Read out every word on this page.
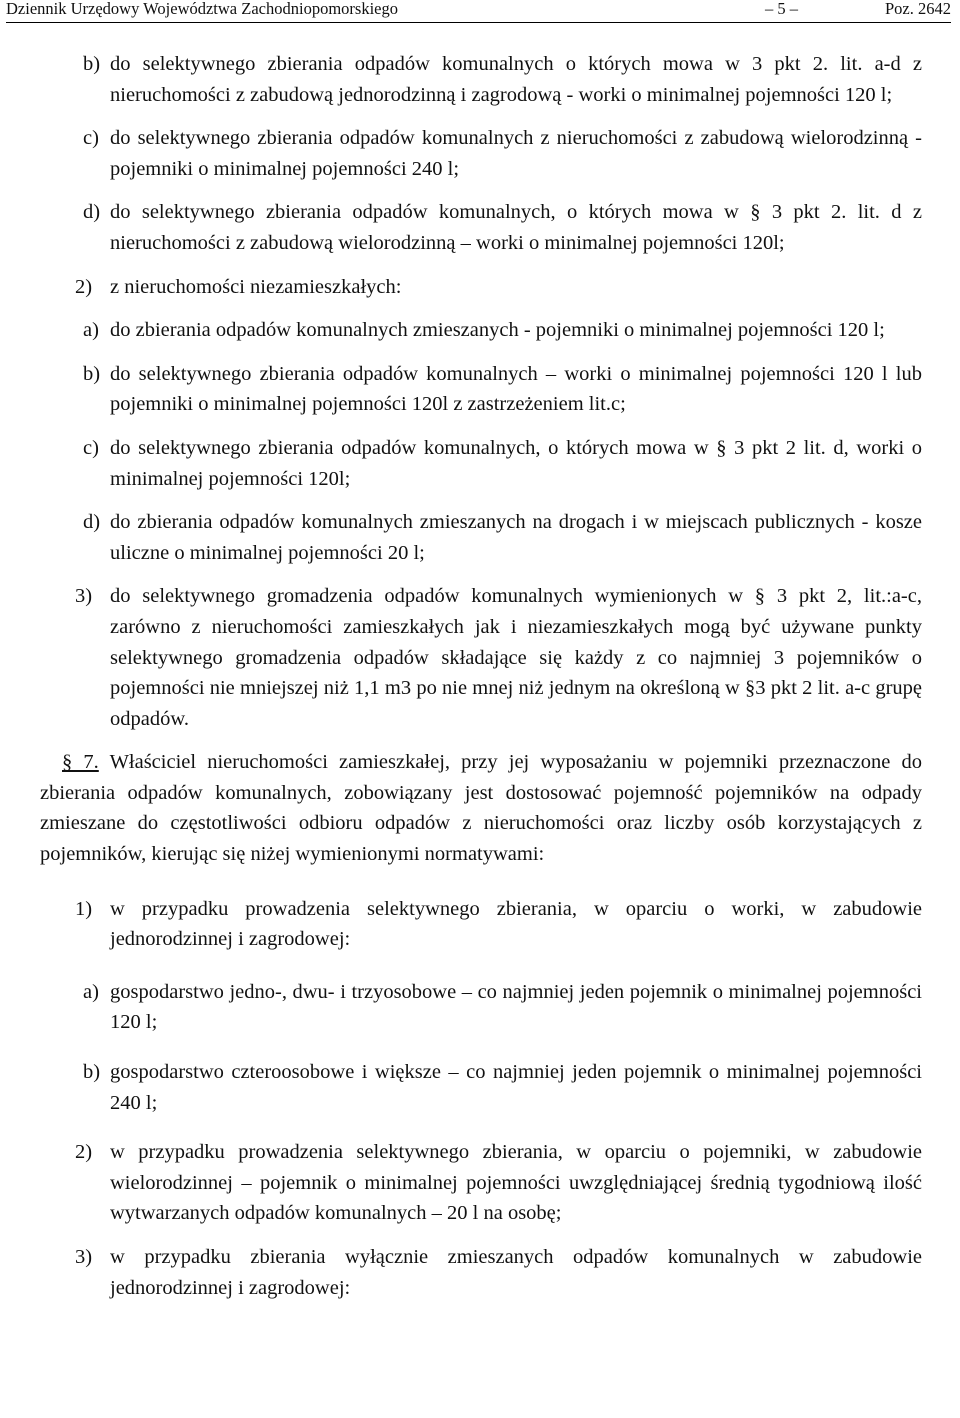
Dziennik Urzędowy Województwa Zachodniopomorskiego	– 5 –	Poz. 2642
b) do selektywnego zbierania odpadów komunalnych o których mowa w 3 pkt 2. lit. a-d z nieruchomości z zabudową jednorodzinną i zagrodową - worki o minimalnej pojemności 120 l;
c) do selektywnego zbierania odpadów komunalnych z nieruchomości z zabudową wielorodzinną - pojemniki o minimalnej pojemności 240 l;
d) do selektywnego zbierania odpadów komunalnych, o których mowa w § 3 pkt 2. lit. d z nieruchomości z zabudową wielorodzinną – worki o minimalnej pojemności 120l;
2) z nieruchomości niezamieszkałych:
a) do zbierania odpadów komunalnych zmieszanych - pojemniki o minimalnej pojemności 120 l;
b) do selektywnego zbierania odpadów komunalnych – worki o minimalnej pojemności 120 l lub pojemniki o minimalnej pojemności 120l z zastrzeżeniem lit.c;
c) do selektywnego zbierania odpadów komunalnych, o których mowa w § 3 pkt 2 lit. d, worki o minimalnej pojemności 120l;
d) do zbierania odpadów komunalnych zmieszanych na drogach i w miejscach publicznych - kosze uliczne o minimalnej pojemności 20 l;
3) do selektywnego gromadzenia odpadów komunalnych wymienionych w § 3 pkt 2, lit.:a-c, zarówno z nieruchomości zamieszkałych jak i niezamieszkałych mogą być używane punkty selektywnego gromadzenia odpadów składające się każdy z co najmniej 3 pojemników o pojemności nie mniejszej niż 1,1 m3 po nie mnej niż jednym na określoną w §3 pkt 2 lit. a-c grupę odpadów.
§ 7. Właściciel nieruchomości zamieszkałej, przy jej wyposażaniu w pojemniki przeznaczone do zbierania odpadów komunalnych, zobowiązany jest dostosować pojemność pojemników na odpady zmieszane do częstotliwości odbioru odpadów z nieruchomości oraz liczby osób korzystających z pojemników, kierując się niżej wymienionymi normatywami:
1) w przypadku prowadzenia selektywnego zbierania, w oparciu o worki, w zabudowie jednorodzinnej i zagrodowej:
a) gospodarstwo jedno-, dwu- i trzyosobowe – co najmniej jeden pojemnik o minimalnej pojemności 120 l;
b) gospodarstwo czteroosobowe i większe – co najmniej jeden pojemnik o minimalnej pojemności 240 l;
2) w przypadku prowadzenia selektywnego zbierania, w oparciu o pojemniki, w zabudowie wielorodzinnej – pojemnik o minimalnej pojemności uwzględniającej średnią tygodniową ilość wytwarzanych odpadów komunalnych – 20 l na osobę;
3) w przypadku zbierania wyłącznie zmieszanych odpadów komunalnych w zabudowie jednorodzinnej i zagrodowej:
